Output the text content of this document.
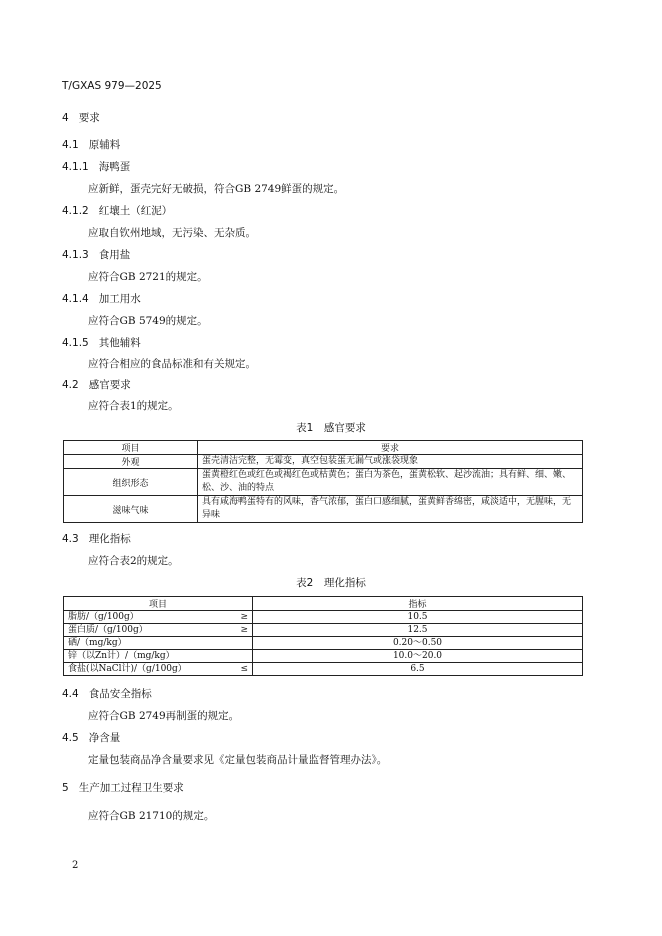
T/GXAS 979—2025
4 要求
4.1 原辅料
4.1.1 海鸭蛋
应新鲜，蛋壳完好无破损，符合GB 2749鲜蛋的规定。
4.1.2 红壤土（红泥）
应取自钦州地域，无污染、无杂质。
4.1.3 食用盐
应符合GB 2721的规定。
4.1.4 加工用水
应符合GB 5749的规定。
4.1.5 其他辅料
应符合相应的食品标准和有关规定。
4.2 感官要求
应符合表1的规定。
表1　感官要求
项目	要求
外观	蛋壳清洁完整，无霉变，真空包装蛋无漏气或涨袋现象
组织形态	蛋黄橙红色或红色或褐红色或枯黄色；蛋白为茶色，蛋黄松软、起沙流油；具有鲜、细、嫩、松、沙、油的特点
滋味气味	具有咸海鸭蛋特有的风味，香气浓郁，蛋白口感细腻，蛋黄鲜香绵密，咸淡适中，无腥味，无异味
4.3 理化指标
应符合表2的规定。
表2　理化指标
项目	指标
脂肪/（g/100g） ≥	10.5
蛋白质/（g/100g） ≥	12.5
硒/（mg/kg）	0.20～0.50
锌（以Zn计）/（mg/kg）	10.0～20.0
食盐(以NaCl计)/（g/100g） ≤	6.5
4.4 食品安全指标
应符合GB 2749再制蛋的规定。
4.5 净含量
定量包装商品净含量要求见《定量包装商品计量监督管理办法》。
5 生产加工过程卫生要求
应符合GB 21710的规定。
2
